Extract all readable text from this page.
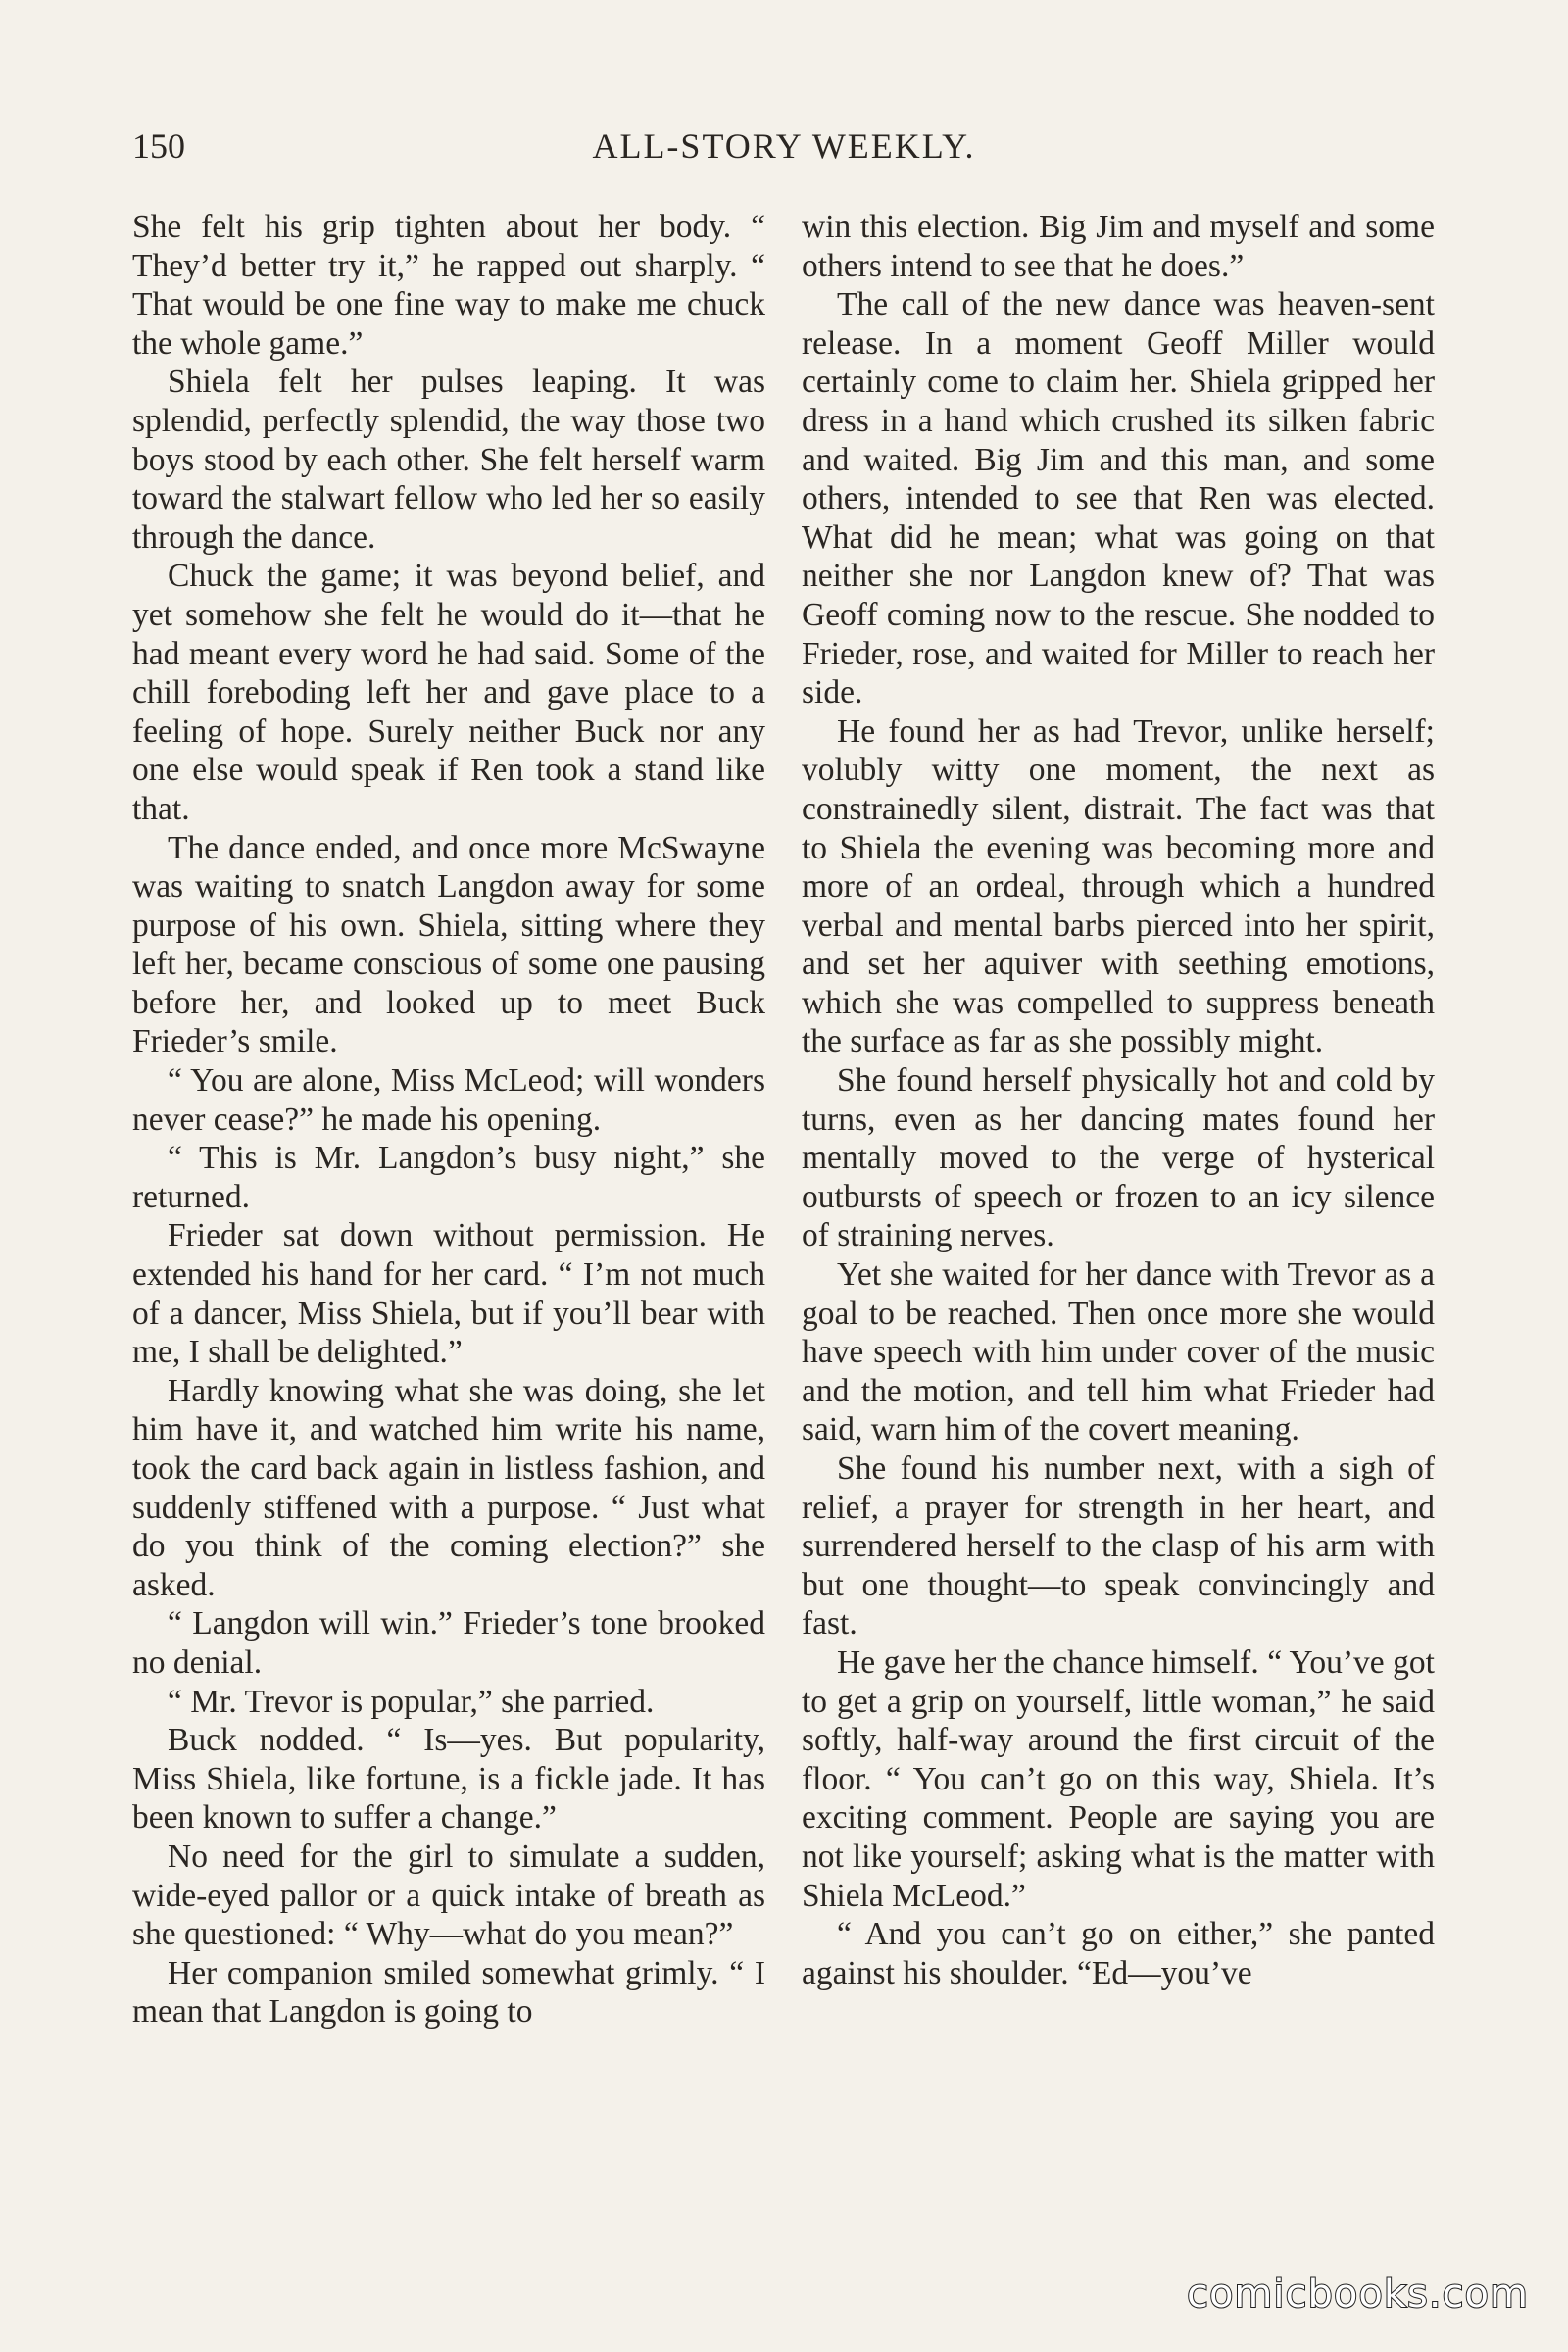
150	ALL-STORY WEEKLY.

She felt his grip tighten about her body. “ They’d better try it,” he rapped out sharply. “ That would be one fine way to make me chuck the whole game.”

Shiela felt her pulses leaping. It was splendid, perfectly splendid, the way those two boys stood by each other. She felt herself warm toward the stalwart fellow who led her so easily through the dance.

Chuck the game; it was beyond belief, and yet somehow she felt he would do it—that he had meant every word he had said. Some of the chill foreboding left her and gave place to a feeling of hope. Surely neither Buck nor any one else would speak if Ren took a stand like that.

The dance ended, and once more McSwayne was waiting to snatch Langdon away for some purpose of his own. Shiela, sitting where they left her, became conscious of some one pausing before her, and looked up to meet Buck Frieder’s smile.

“ You are alone, Miss McLeod; will wonders never cease?” he made his opening.

“ This is Mr. Langdon’s busy night,” she returned.

Frieder sat down without permission. He extended his hand for her card. “ I’m not much of a dancer, Miss Shiela, but if you’ll bear with me, I shall be delighted.”

Hardly knowing what she was doing, she let him have it, and watched him write his name, took the card back again in listless fashion, and suddenly stiffened with a purpose. “ Just what do you think of the coming election?” she asked.

“ Langdon will win.” Frieder’s tone brooked no denial.

“ Mr. Trevor is popular,” she parried.

Buck nodded. “ Is—yes. But popularity, Miss Shiela, like fortune, is a fickle jade. It has been known to suffer a change.”

No need for the girl to simulate a sudden, wide-eyed pallor or a quick intake of breath as she questioned: “ Why—what do you mean?”

Her companion smiled somewhat grimly. “ I mean that Langdon is going to

win this election. Big Jim and myself and some others intend to see that he does.”

The call of the new dance was heaven-sent release. In a moment Geoff Miller would certainly come to claim her. Shiela gripped her dress in a hand which crushed its silken fabric and waited. Big Jim and this man, and some others, intended to see that Ren was elected. What did he mean; what was going on that neither she nor Langdon knew of? That was Geoff coming now to the rescue. She nodded to Frieder, rose, and waited for Miller to reach her side.

He found her as had Trevor, unlike herself; volubly witty one moment, the next as constrainedly silent, distrait. The fact was that to Shiela the evening was becoming more and more of an ordeal, through which a hundred verbal and mental barbs pierced into her spirit, and set her aquiver with seething emotions, which she was compelled to suppress beneath the surface as far as she possibly might.

She found herself physically hot and cold by turns, even as her dancing mates found her mentally moved to the verge of hysterical outbursts of speech or frozen to an icy silence of straining nerves.

Yet she waited for her dance with Trevor as a goal to be reached. Then once more she would have speech with him under cover of the music and the motion, and tell him what Frieder had said, warn him of the covert meaning.

She found his number next, with a sigh of relief, a prayer for strength in her heart, and surrendered herself to the clasp of his arm with but one thought—to speak convincingly and fast.

He gave her the chance himself. “ You’ve got to get a grip on yourself, little woman,” he said softly, half-way around the first circuit of the floor. “ You can’t go on this way, Shiela. It’s exciting comment. People are saying you are not like yourself; asking what is the matter with Shiela McLeod.”

“ And you can’t go on either,” she panted against his shoulder. “Ed—you’ve

comicbooks.com
